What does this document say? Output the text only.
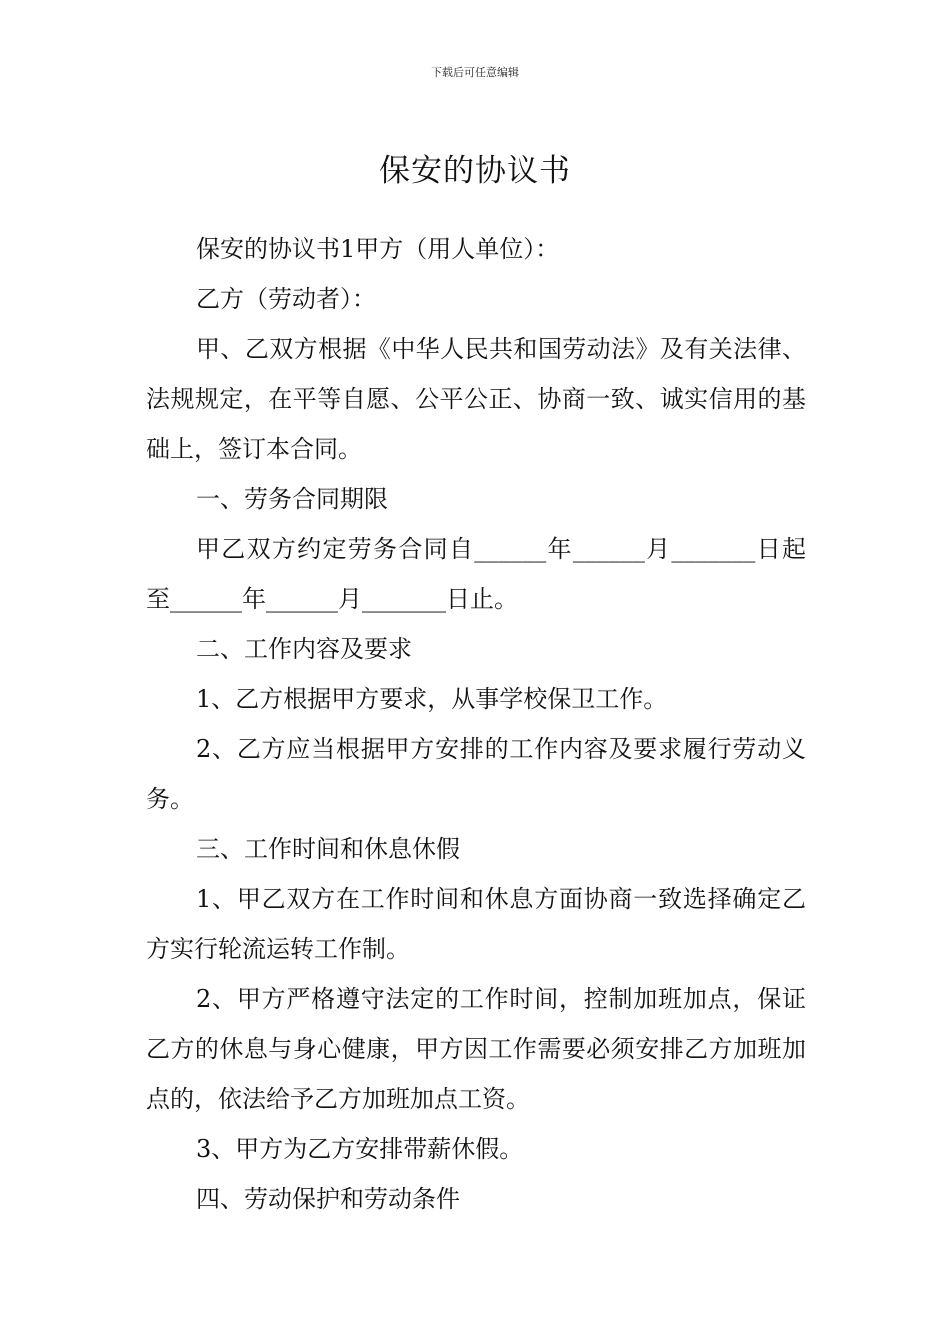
下载后可任意编辑
保安的协议书

保安的协议书1甲方（用人单位）：

乙方（劳动者）：

甲、乙双方根据《中华人民共和国劳动法》及有关法律、法规规定，在平等自愿、公平公正、协商一致、诚实信用的基础上，签订本合同。

一、劳务合同期限

甲乙双方约定劳务合同自______年______月_______日起至______年______月_______日止。

二、工作内容及要求

1、乙方根据甲方要求，从事学校保卫工作。

2、乙方应当根据甲方安排的工作内容及要求履行劳动义务。

三、工作时间和休息休假

1、甲乙双方在工作时间和休息方面协商一致选择确定乙方实行轮流运转工作制。

2、甲方严格遵守法定的工作时间，控制加班加点，保证乙方的休息与身心健康，甲方因工作需要必须安排乙方加班加点的，依法给予乙方加班加点工资。

3、甲方为乙方安排带薪休假。

四、劳动保护和劳动条件
